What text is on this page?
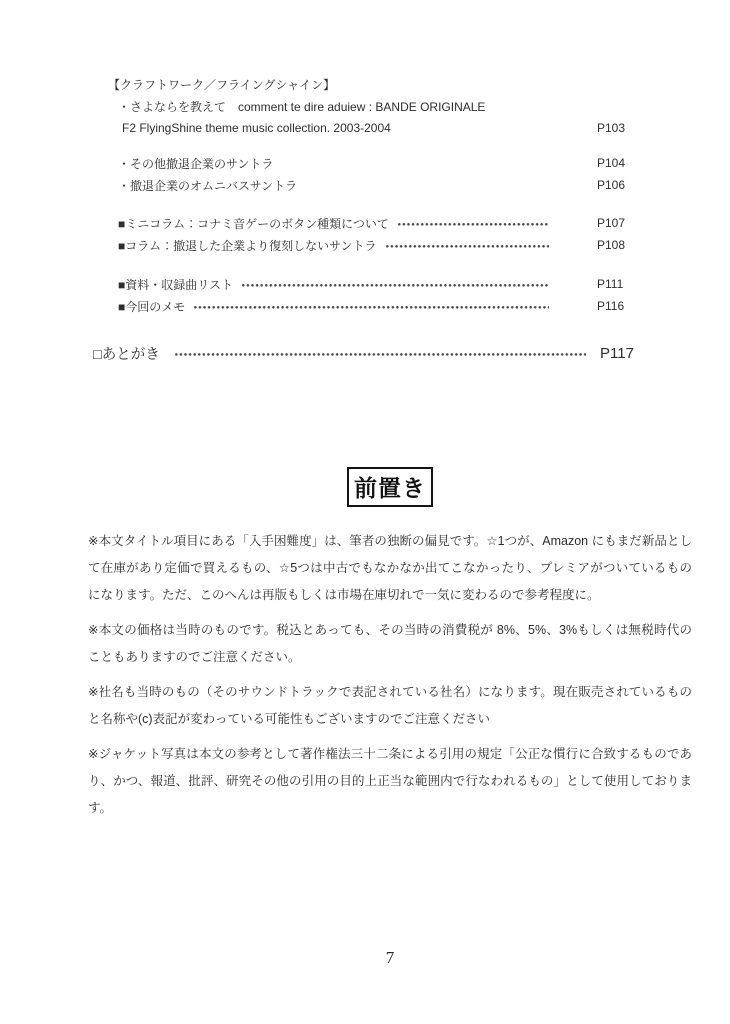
【クラフトワーク／フライングシャイン】
・さよならを教えて　comment te dire aduiew : BANDE ORIGINALE
F2 FlyingShine theme music collection. 2003-2004	P103
・その他撤退企業のサントラ	P104
・撤退企業のオムニバスサントラ	P106
■ミニコラム：コナミ音ゲーのボタン種類について	P107
■コラム：撤退した企業より復刻しないサントラ	P108
■資料・収録曲リスト	P111
■今回のメモ	P116
□あとがき	P117
前置き

※本文タイトル項目にある「入手困難度」は、筆者の独断の偏見です。☆1つが、Amazon にもまだ新品として在庫があり定価で買えるもの、☆5つは中古でもなかなか出てこなかったり、プレミアがついているものになります。ただ、このへんは再版もしくは市場在庫切れで一気に変わるので参考程度に。

※本文の価格は当時のものです。税込とあっても、その当時の消費税が 8%、5%、3%もしくは無税時代のこともありますのでご注意ください。

※社名も当時のもの（そのサウンドトラックで表記されている社名）になります。現在販売されているものと名称や(c)表記が変わっている可能性もございますのでご注意ください

※ジャケット写真は本文の参考として著作権法三十二条による引用の規定「公正な慣行に合致するものであり、かつ、報道、批評、研究その他の引用の目的上正当な範囲内で行なわれるもの」として使用しております。

7
